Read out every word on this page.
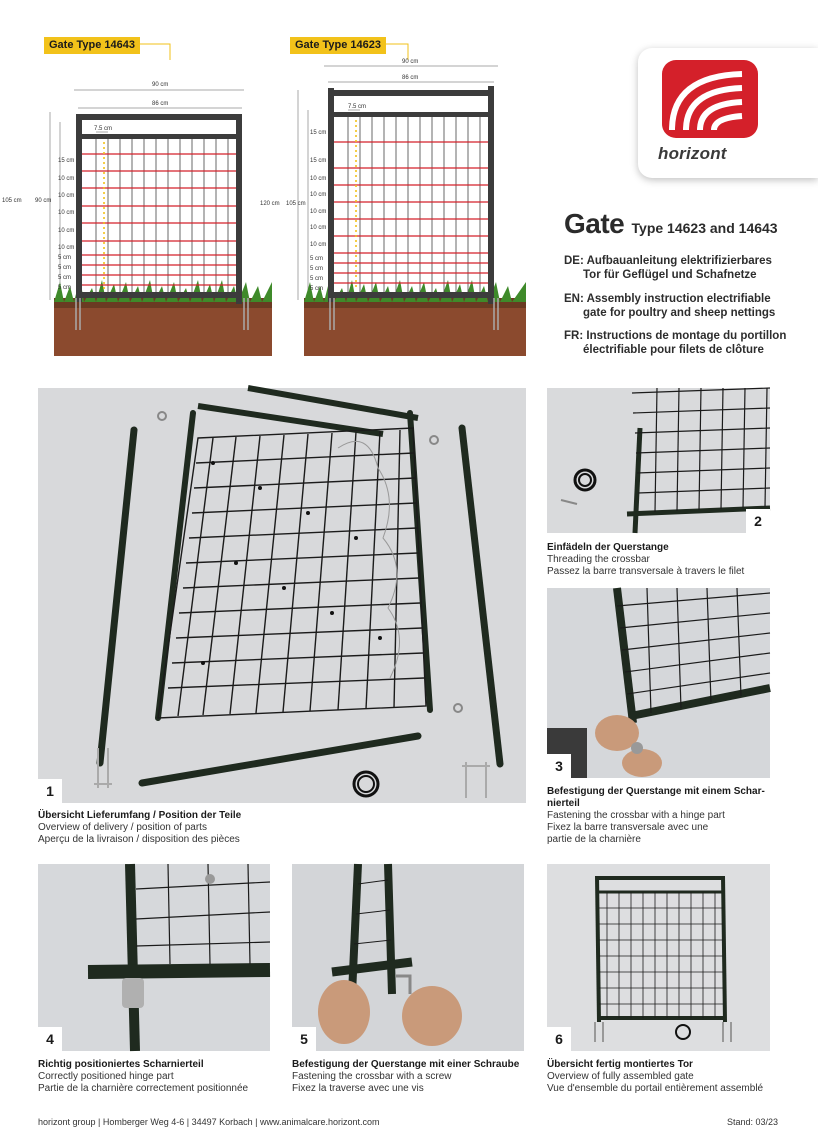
Gate Type 14643
90 cm
86 cm
105 cm 90 cm
7.5 cm
15 cm
10 cm
10 cm
10 cm
10 cm
10 cm
5 cm
5 cm
5 cm
5 cm
Gate Type 14623
90 cm
86 cm
120 cm 105 cm
7.5 cm
15 cm
15 cm
10 cm
10 cm
10 cm
10 cm
10 cm
5 cm
5 cm
5 cm
5 cm
horizont
Gate Type 14623 and 14643
DE: Aufbauanleitung elektrifizierbares
Tor für Geflügel und Schafnetze
EN: Assembly instruction electrifiable
gate for poultry and sheep nettings
FR: Instructions de montage du portillon
électrifiable pour filets de clôture
1
Übersicht Lieferumfang / Position der Teile
Overview of delivery / position of parts
Aperçu de la livraison / disposition des pièces
2
Einfädeln der Querstange
Threading the crossbar
Passez la barre transversale à travers le filet
3
Befestigung der Querstange mit einem Schar-
nierteil
Fastening the crossbar with a hinge part
Fixez la barre transversale avec une
partie de la charnière
4
Richtig positioniertes Scharnierteil
Correctly positioned hinge part
Partie de la charnière correctement positionnée
5
Befestigung der Querstange mit einer Schraube
Fastening the crossbar with a screw
Fixez la traverse avec une vis
6
Übersicht fertig montiertes Tor
Overview of fully assembled gate
Vue d'ensemble du portail entièrement assemblé
horizont group | Homberger Weg 4-6 | 34497 Korbach | www.animalcare.horizont.com	Stand: 03/23
